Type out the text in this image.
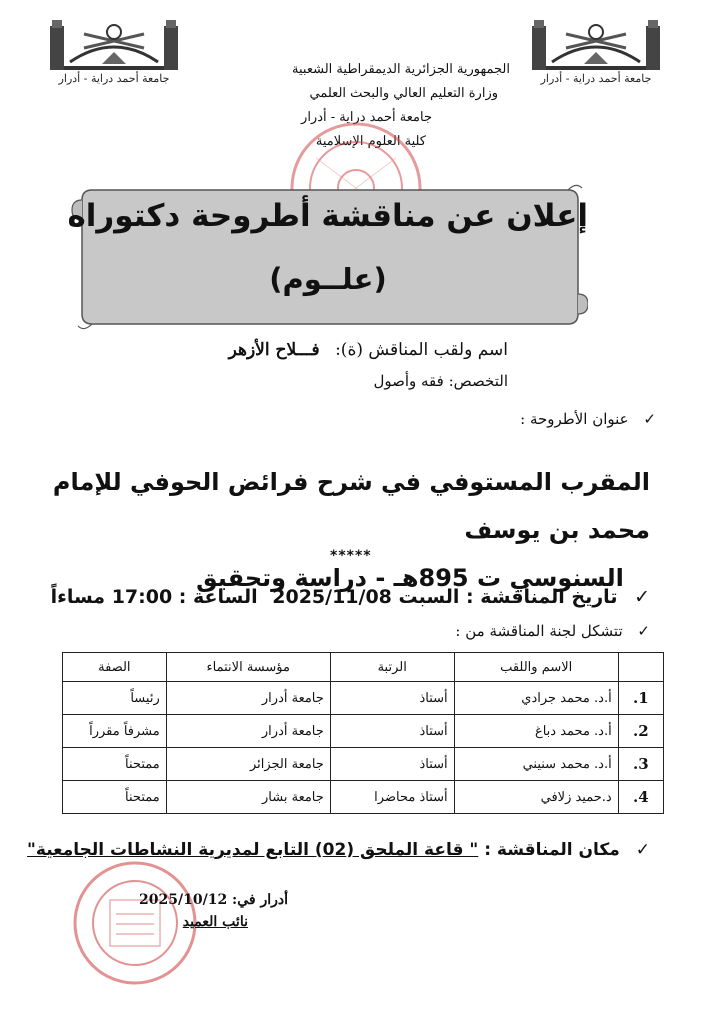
جامعة أحمد دراية - أدرار	جامعة أحمد دراية - أدرار
الجمهورية الجزائرية الديمقراطية الشعبية
وزارة التعليم العالي والبحث العلمي
جامعة أحمد دراية - أدرار
كلية العلوم الإسلامية
إعلان عن مناقشة أطروحة دكتوراه
(علــوم)
اسم ولقب المناقش (ة): فـــلاح الأزهر
التخصص: فقه وأصول
✓ عنوان الأطروحة :
المقرب المستوفي في شرح فرائض الحوفي للإمام محمد بن يوسف
السنوسي ت 895هـ - دراسة وتحقيق
*****
✓ تاريخ المناقشة : السبت 2025/11/08 الساعة : 17:00 مساءاً
✓ تتشكل لجنة المناقشة من :
	الاسم واللقب	الرتبة	مؤسسة الانتماء	الصفة
1.	أ.د. محمد جرادي	أستاذ	جامعة أدرار	رئيساً
2.	أ.د. محمد دباغ	أستاذ	جامعة أدرار	مشرفاً مقرراً
3.	أ.د. محمد سنيني	أستاذ	جامعة الجزائر	ممتحناً
4.	د.حميد زلافي	أستاذ محاضرا	جامعة بشار	ممتحناً
✓ مكان المناقشة : " قاعة الملحق (02) التابع لمديرية النشاطات الجامعية"
أدرار في: 2025/10/12
نائب العميد
